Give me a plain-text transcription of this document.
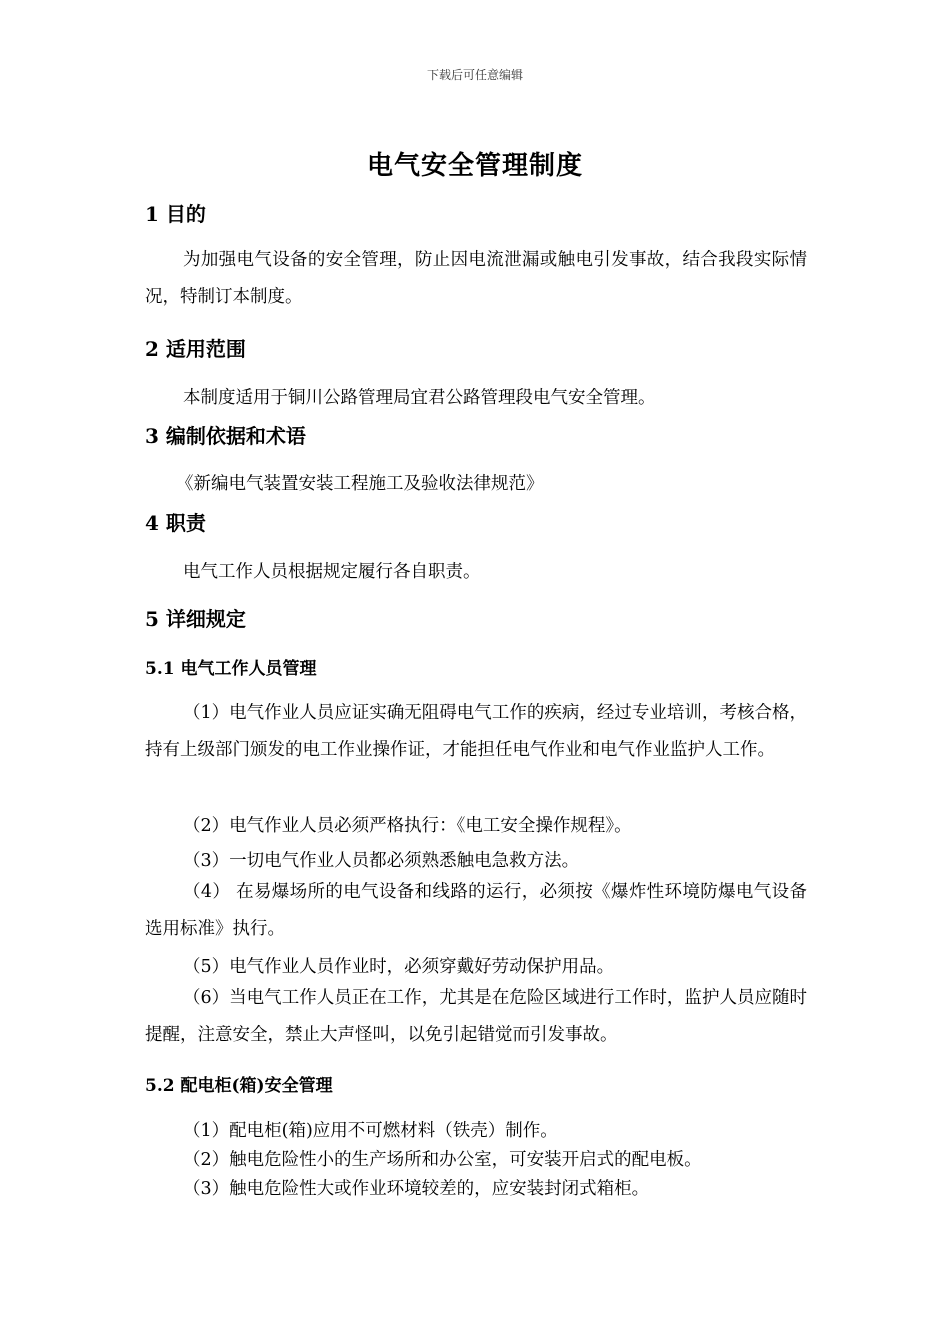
下载后可任意编辑
电气安全管理制度
1 目的
为加强电气设备的安全管理，防止因电流泄漏或触电引发事故，结合我段实际情况，特制订本制度。
2 适用范围
本制度适用于铜川公路管理局宜君公路管理段电气安全管理。
3 编制依据和术语
《新编电气装置安装工程施工及验收法律规范》
4 职责
电气工作人员根据规定履行各自职责。
5 详细规定
5.1 电气工作人员管理
（1）电气作业人员应证实确无阻碍电气工作的疾病，经过专业培训，考核合格，持有上级部门颁发的电工作业操作证，才能担任电气作业和电气作业监护人工作。
（2）电气作业人员必须严格执行：《电工安全操作规程》。
（3）一切电气作业人员都必须熟悉触电急救方法。
（4） 在易爆场所的电气设备和线路的运行，必须按《爆炸性环境防爆电气设备选用标准》执行。
（5）电气作业人员作业时，必须穿戴好劳动保护用品。
（6）当电气工作人员正在工作，尤其是在危险区域进行工作时，监护人员应随时提醒，注意安全，禁止大声怪叫，以免引起错觉而引发事故。
5.2 配电柜(箱)安全管理
（1）配电柜(箱)应用不可燃材料（铁壳）制作。
（2）触电危险性小的生产场所和办公室，可安装开启式的配电板。
（3）触电危险性大或作业环境较差的，应安装封闭式箱柜。
